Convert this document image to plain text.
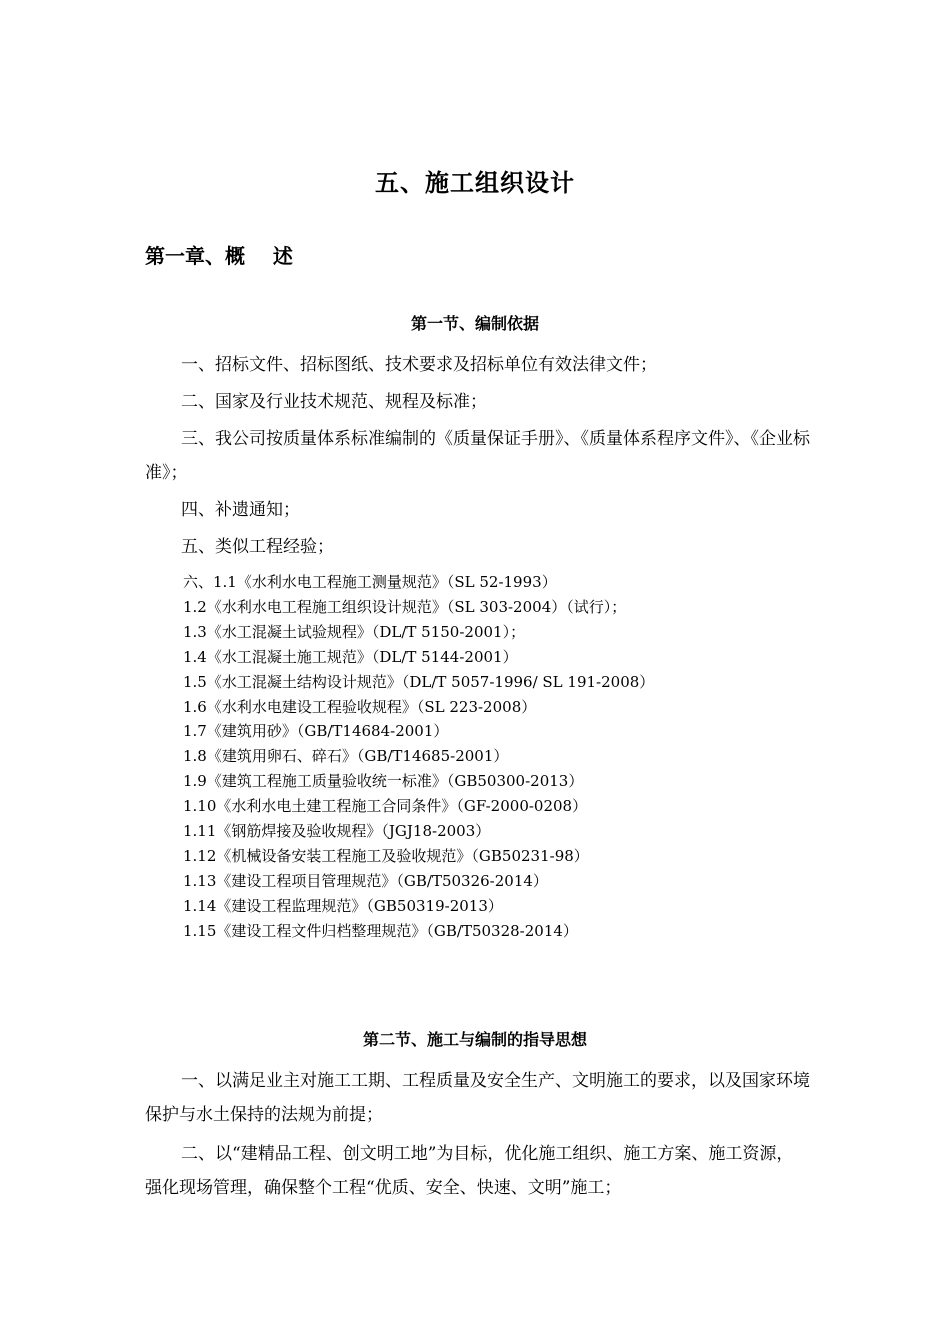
五、施工组织设计
第一章、概    述
第一节、编制依据
一、招标文件、招标图纸、技术要求及招标单位有效法律文件；
二、国家及行业技术规范、规程及标准；
三、我公司按质量体系标准编制的《质量保证手册》、《质量体系程序文件》、《企业标准》；
四、补遗通知；
五、类似工程经验；
六、1.1《水利水电工程施工测量规范》（SL 52-1993）
1.2《水利水电工程施工组织设计规范》（SL 303-2004）（试行）；
1.3《水工混凝土试验规程》（DL/T 5150-2001）；
1.4《水工混凝土施工规范》（DL/T 5144-2001）
1.5《水工混凝土结构设计规范》（DL/T 5057-1996/ SL 191-2008）
1.6《水利水电建设工程验收规程》（SL 223-2008）
1.7《建筑用砂》（GB/T14684-2001）
1.8《建筑用卵石、碎石》（GB/T14685-2001）
1.9《建筑工程施工质量验收统一标准》（GB50300-2013）
1.10《水利水电土建工程施工合同条件》（GF-2000-0208）
1.11《钢筋焊接及验收规程》（JGJ18-2003）
1.12《机械设备安装工程施工及验收规范》（GB50231-98）
1.13《建设工程项目管理规范》（GB/T50326-2014）
1.14《建设工程监理规范》（GB50319-2013）
1.15《建设工程文件归档整理规范》（GB/T50328-2014）
第二节、施工与编制的指导思想
一、以满足业主对施工工期、工程质量及安全生产、文明施工的要求，以及国家环境保护与水土保持的法规为前提；
二、以“建精品工程、创文明工地”为目标，优化施工组织、施工方案、施工资源，强化现场管理，确保整个工程“优质、安全、快速、文明”施工；
